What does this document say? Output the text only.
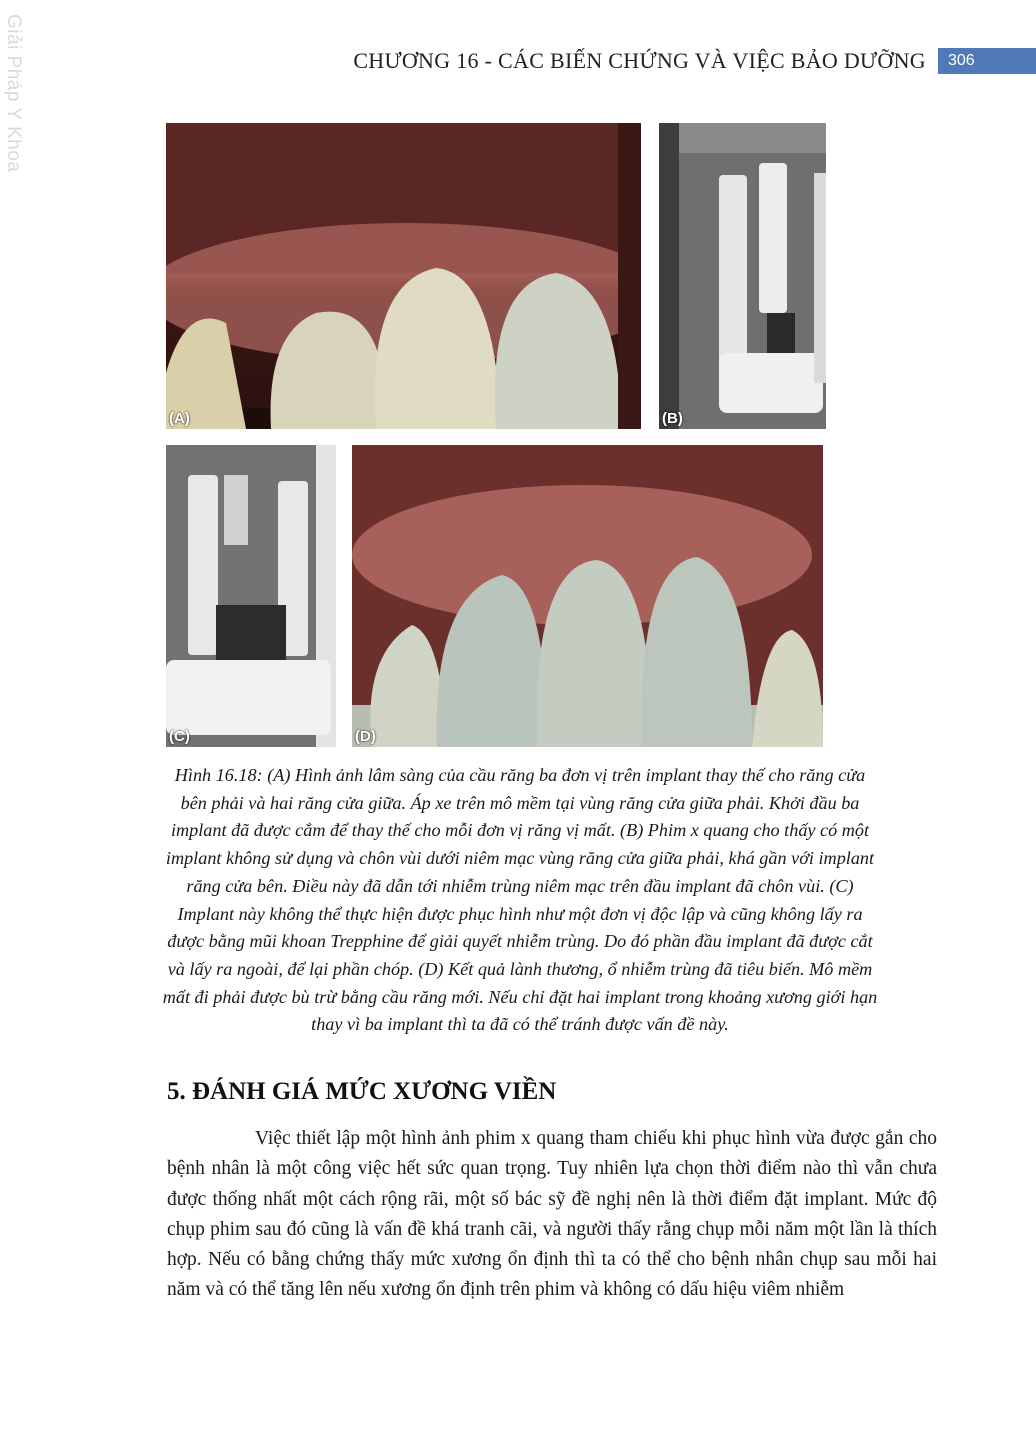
Giải Pháp Y Khoa	CHƯƠNG 16 - CÁC BIẾN CHỨNG VÀ VIỆC BẢO DƯỠNG	306
(A)	(B)
(C)	(D)
Hình 16.18: (A) Hình ảnh lâm sàng của cầu răng ba đơn vị trên implant thay thế cho răng cửa bên phải và hai răng cửa giữa. Áp xe trên mô mềm tại vùng răng cửa giữa phải. Khởi đầu ba implant đã được cắm để thay thế cho mỗi đơn vị răng vị mất. (B) Phim x quang cho thấy có một implant không sử dụng và chôn vùi dưới niêm mạc vùng răng cửa giữa phải, khá gần với implant răng cửa bên. Điều này đã dẫn tới nhiễm trùng niêm mạc trên đầu implant đã chôn vùi. (C) Implant này không thể thực hiện được phục hình như một đơn vị độc lập và cũng không lấy ra được bằng mũi khoan Trepphine để giải quyết nhiễm trùng. Do đó phần đầu implant đã được cắt và lấy ra ngoài, để lại phần chóp. (D) Kết quả lành thương, ổ nhiễm trùng đã tiêu biến. Mô mềm mất đi phải được bù trừ bằng cầu răng mới. Nếu chỉ đặt hai implant trong khoảng xương giới hạn thay vì ba implant thì ta đã có thể tránh được vấn đề này.
5. ĐÁNH GIÁ MỨC XƯƠNG VIỀN
Việc thiết lập một hình ảnh phim x quang tham chiếu khi phục hình vừa được gắn cho bệnh nhân là một công việc hết sức quan trọng. Tuy nhiên lựa chọn thời điểm nào thì vẫn chưa được thống nhất một cách rộng rãi, một số bác sỹ đề nghị nên là thời điểm đặt implant. Mức độ chụp phim sau đó cũng là vấn đề khá tranh cãi, và người thấy rằng chụp mỗi năm một lần là thích hợp. Nếu có bằng chứng thấy mức xương ổn định thì ta có thể cho bệnh nhân chụp sau mỗi hai năm và có thể tăng lên nếu xương ổn định trên phim và không có dấu hiệu viêm nhiễm
